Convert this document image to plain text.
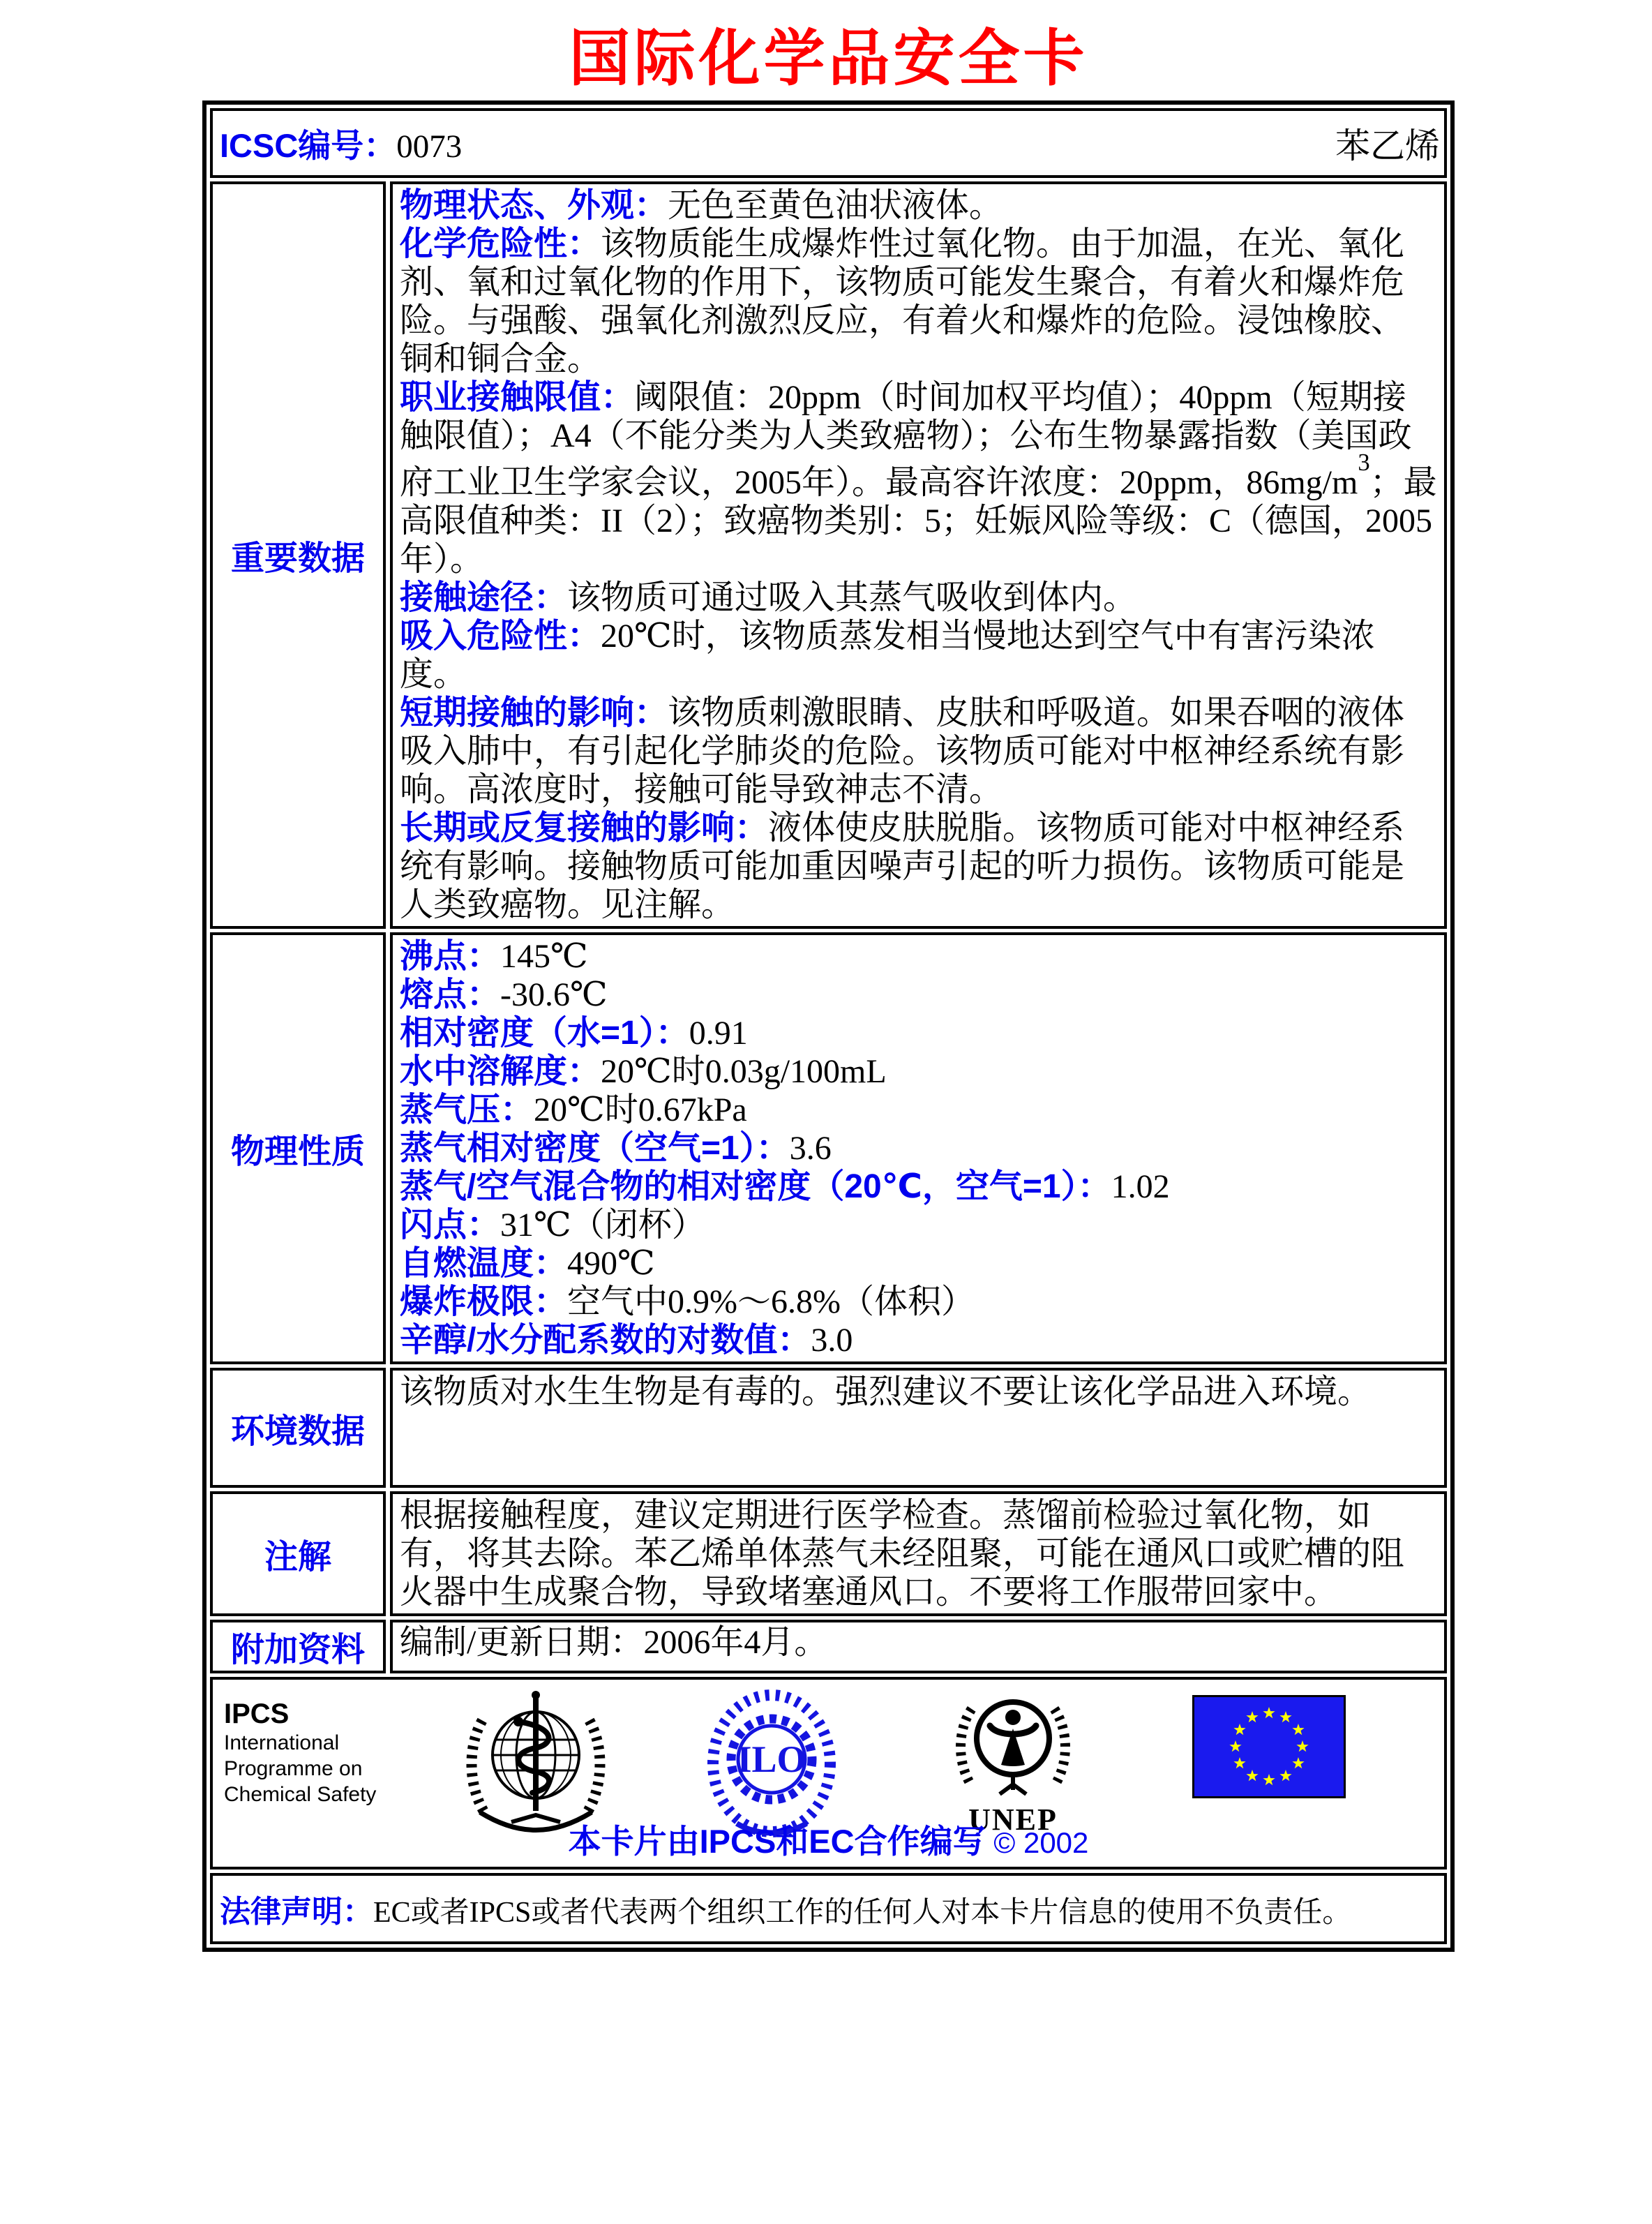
国际化学品安全卡
ICSC编号：0073	苯乙烯
重要数据

物理状态、外观：无色至黄色油状液体。

化学危险性：该物质能生成爆炸性过氧化物。由于加温，在光、氧化剂、氧和过氧化物的作用下，该物质可能发生聚合，有着火和爆炸危险。与强酸、强氧化剂激烈反应，有着火和爆炸的危险。浸蚀橡胶、铜和铜合金。

职业接触限值：阈限值：20ppm（时间加权平均值）；40ppm（短期接触限值）；A4（不能分类为人类致癌物）；公布生物暴露指数（美国政府工业卫生学家会议，2005年）。最高容许浓度：20ppm，$86mg/m^3$；最高限值种类：II（2）；致癌物类别：5；妊娠风险等级：C（德国，2005年）。

接触途径：该物质可通过吸入其蒸气吸收到体内。

吸入危险性：20℃时，该物质蒸发相当慢地达到空气中有害污染浓度。

短期接触的影响：该物质刺激眼睛、皮肤和呼吸道。如果吞咽的液体吸入肺中，有引起化学肺炎的危险。该物质可能对中枢神经系统有影响。高浓度时，接触可能导致神志不清。

长期或反复接触的影响：液体使皮肤脱脂。该物质可能对中枢神经系统有影响。接触物质可能加重因噪声引起的听力损伤。该物质可能是人类致癌物。见注解。

物理性质
沸点：145℃
熔点：-30.6℃
相对密度（水=1）：0.91
水中溶解度：20℃时0.03g/100mL
蒸气压：20℃时0.67kPa
蒸气相对密度（空气=1）：3.6
蒸气/空气混合物的相对密度（20℃，空气=1）：1.02
闪点：31℃（闭杯）
自燃温度：490℃
爆炸极限：空气中0.9%～6.8%（体积）
辛醇/水分配系数的对数值：3.0
环境数据
该物质对水生生物是有毒的。强烈建议不要让该化学品进入环境。
注解
根据接触程度，建议定期进行医学检查。蒸馏前检验过氧化物，如有，将其去除。苯乙烯单体蒸气未经阻聚，可能在通风口或贮槽的阻火器中生成聚合物，导致堵塞通风口。不要将工作服带回家中。
附加资料	编制/更新日期：2006年4月。
IPCS
International
Programme on
Chemical Safety
ILO
UNEP
本卡片由IPCS和EC合作编写 © 2002
法律声明：EC或者IPCS或者代表两个组织工作的任何人对本卡片信息的使用不负责任。
